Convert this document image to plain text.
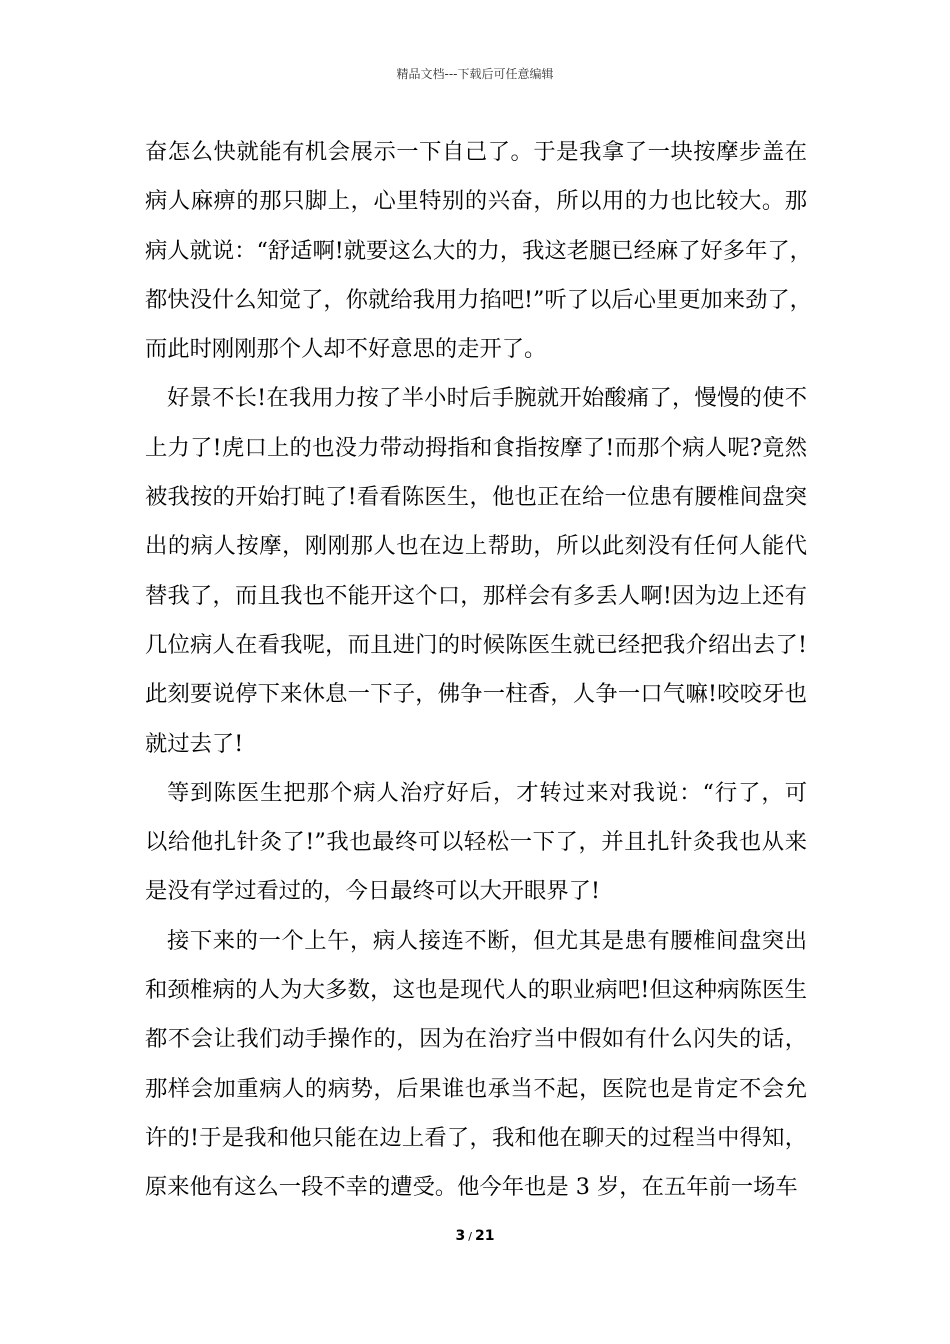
精品文档---下载后可任意编辑
奋怎么快就能有机会展示一下自己了。于是我拿了一块按摩步盖在
病人麻痹的那只脚上，心里特别的兴奋，所以用的力也比较大。那
病人就说：“舒适啊!就要这么大的力，我这老腿已经麻了好多年了，
都快没什么知觉了，你就给我用力掐吧!”听了以后心里更加来劲了，
而此时刚刚那个人却不好意思的走开了。
好景不长!在我用力按了半小时后手腕就开始酸痛了，慢慢的使不
上力了!虎口上的也没力带动拇指和食指按摩了!而那个病人呢?竟然
被我按的开始打盹了!看看陈医生，他也正在给一位患有腰椎间盘突
出的病人按摩，刚刚那人也在边上帮助，所以此刻没有任何人能代
替我了，而且我也不能开这个口，那样会有多丢人啊!因为边上还有
几位病人在看我呢，而且进门的时候陈医生就已经把我介绍出去了!
此刻要说停下来休息一下子，佛争一柱香，人争一口气嘛!咬咬牙也
就过去了!
等到陈医生把那个病人治疗好后，才转过来对我说：“行了，可
以给他扎针灸了!”我也最终可以轻松一下了，并且扎针灸我也从来
是没有学过看过的，今日最终可以大开眼界了!
接下来的一个上午，病人接连不断，但尤其是患有腰椎间盘突出
和颈椎病的人为大多数，这也是现代人的职业病吧!但这种病陈医生
都不会让我们动手操作的，因为在治疗当中假如有什么闪失的话，
那样会加重病人的病势，后果谁也承当不起，医院也是肯定不会允
许的!于是我和他只能在边上看了，我和他在聊天的过程当中得知，
原来他有这么一段不幸的遭受。他今年也是 3 岁，在五年前一场车
3 / 21
